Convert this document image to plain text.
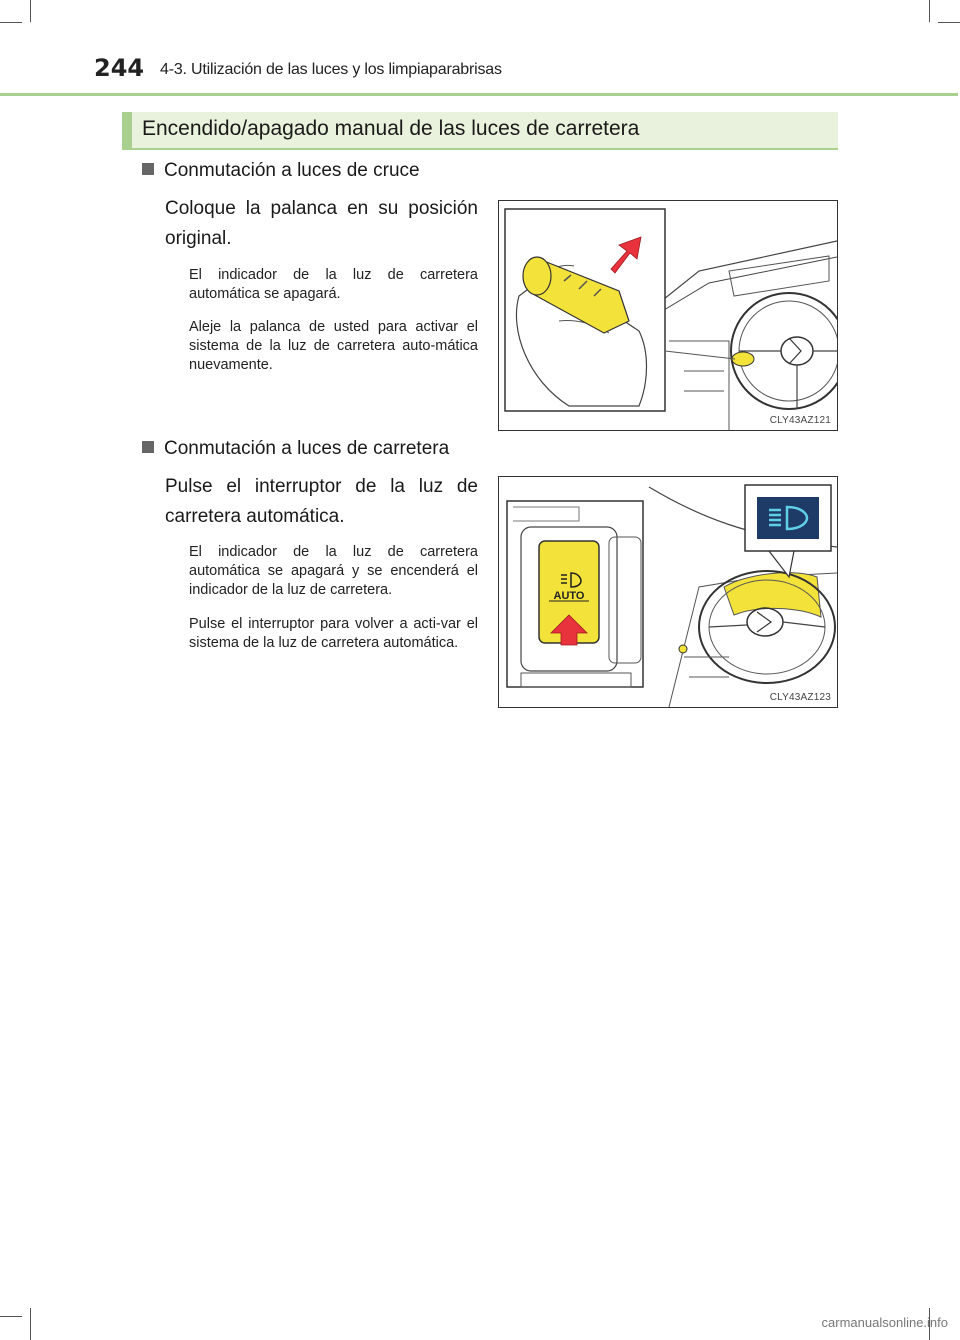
244 4-3. Utilización de las luces y los limpiaparabrisas
Encendido/apagado manual de las luces de carretera
Conmutación a luces de cruce
Coloque la palanca en su posición original.
El indicador de la luz de carretera automática se apagará.
Aleje la palanca de usted para activar el sistema de la luz de carretera auto-mática nuevamente.
CLY43AZ121
Conmutación a luces de carretera
Pulse el interruptor de la luz de carretera automática.
El indicador de la luz de carretera automática se apagará y se encenderá el indicador de la luz de carretera.
Pulse el interruptor para volver a acti-var el sistema de la luz de carretera automática.
AUTO
CLY43AZ123
carmanualsonline.info
